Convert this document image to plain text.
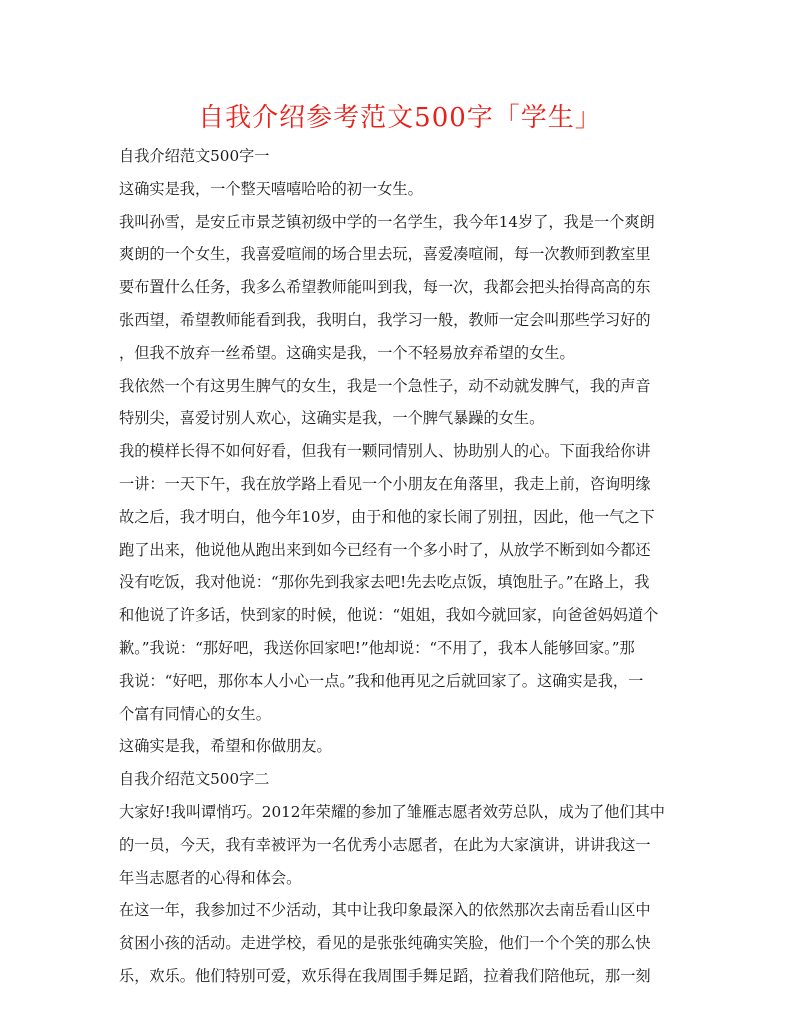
自我介绍参考范文500字「学生」
自我介绍范文500字一
这确实是我，一个整天嘻嘻哈哈的初一女生。
我叫孙雪，是安丘市景芝镇初级中学的一名学生，我今年14岁了，我是一个爽朗
爽朗的一个女生，我喜爱喧闹的场合里去玩，喜爱凑喧闹，每一次教师到教室里
要布置什么任务，我多么希望教师能叫到我，每一次，我都会把头抬得高高的东
张西望，希望教师能看到我，我明白，我学习一般，教师一定会叫那些学习好的
，但我不放弃一丝希望。这确实是我，一个不轻易放弃希望的女生。
我依然一个有这男生脾气的女生，我是一个急性子，动不动就发脾气，我的声音
特别尖，喜爱讨别人欢心，这确实是我，一个脾气暴躁的女生。
我的模样长得不如何好看，但我有一颗同情别人、协助别人的心。下面我给你讲
一讲：一天下午，我在放学路上看见一个小朋友在角落里，我走上前，咨询明缘
故之后，我才明白，他今年10岁，由于和他的家长闹了别扭，因此，他一气之下
跑了出来，他说他从跑出来到如今已经有一个多小时了，从放学不断到如今都还
没有吃饭，我对他说：“那你先到我家去吧!先去吃点饭，填饱肚子。”在路上，我
和他说了许多话，快到家的时候，他说：“姐姐，我如今就回家，向爸爸妈妈道个
歉。”我说：“那好吧，我送你回家吧!”他却说：“不用了，我本人能够回家。”那
我说：“好吧，那你本人小心一点。”我和他再见之后就回家了。这确实是我，一
个富有同情心的女生。
这确实是我，希望和你做朋友。
自我介绍范文500字二
大家好!我叫谭悄巧。2012年荣耀的参加了雏雁志愿者效劳总队，成为了他们其中
的一员，今天，我有幸被评为一名优秀小志愿者，在此为大家演讲，讲讲我这一
年当志愿者的心得和体会。
在这一年，我参加过不少活动，其中让我印象最深入的依然那次去南岳看山区中
贫困小孩的活动。走进学校，看见的是张张纯确实笑脸，他们一个个笑的那么快
乐，欢乐。他们特别可爱，欢乐得在我周围手舞足蹈，拉着我们陪他玩，那一刻
